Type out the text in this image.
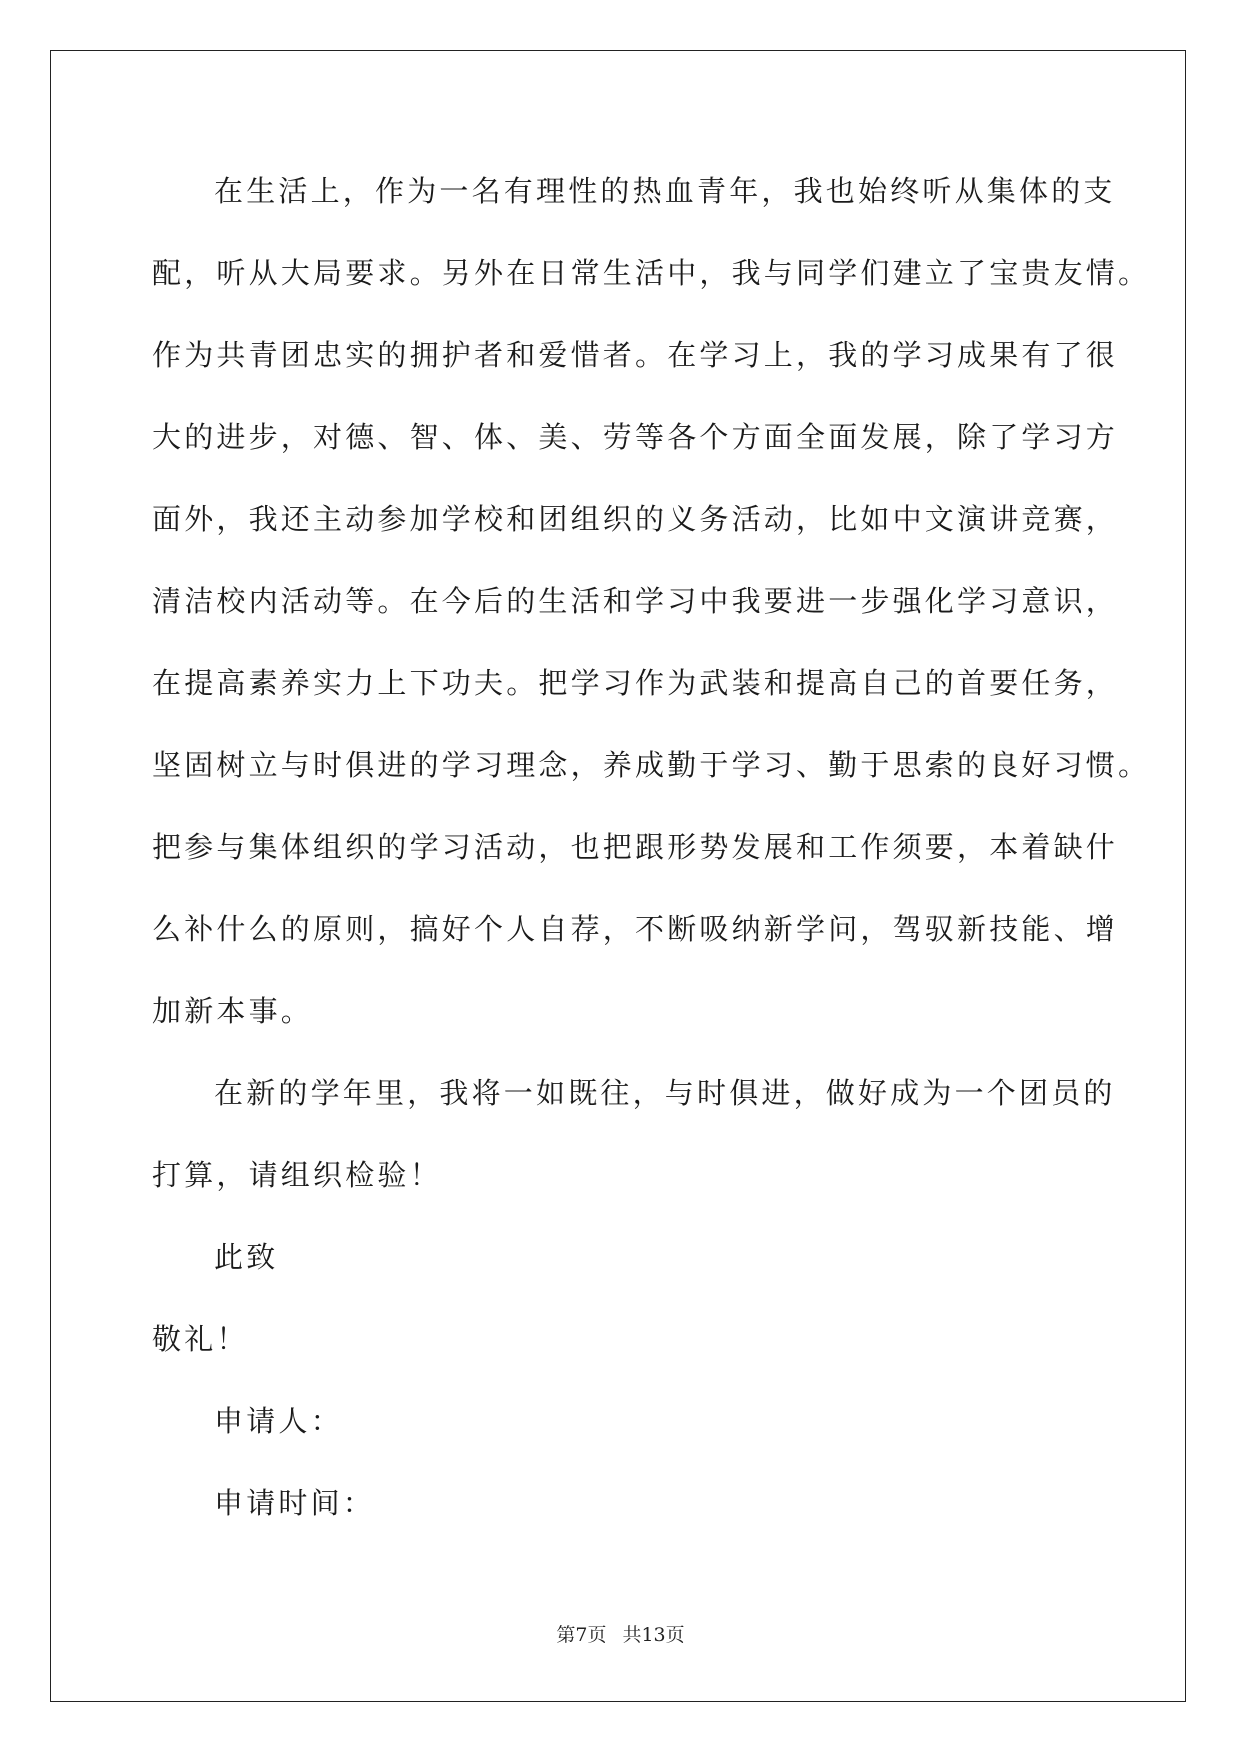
在生活上，作为一名有理性的热血青年，我也始终听从集体的支
配，听从大局要求。另外在日常生活中，我与同学们建立了宝贵友情。
作为共青团忠实的拥护者和爱惜者。在学习上，我的学习成果有了很
大的进步，对德、智、体、美、劳等各个方面全面发展，除了学习方
面外，我还主动参加学校和团组织的义务活动，比如中文演讲竞赛，
清洁校内活动等。在今后的生活和学习中我要进一步强化学习意识，
在提高素养实力上下功夫。把学习作为武装和提高自己的首要任务，
坚固树立与时俱进的学习理念，养成勤于学习、勤于思索的良好习惯。
把参与集体组织的学习活动，也把跟形势发展和工作须要，本着缺什
么补什么的原则，搞好个人自荐，不断吸纳新学问，驾驭新技能、增
加新本事。
在新的学年里，我将一如既往，与时俱进，做好成为一个团员的
打算，请组织检验！
此致
敬礼！
申请人：
申请时间：
第7页 共13页
